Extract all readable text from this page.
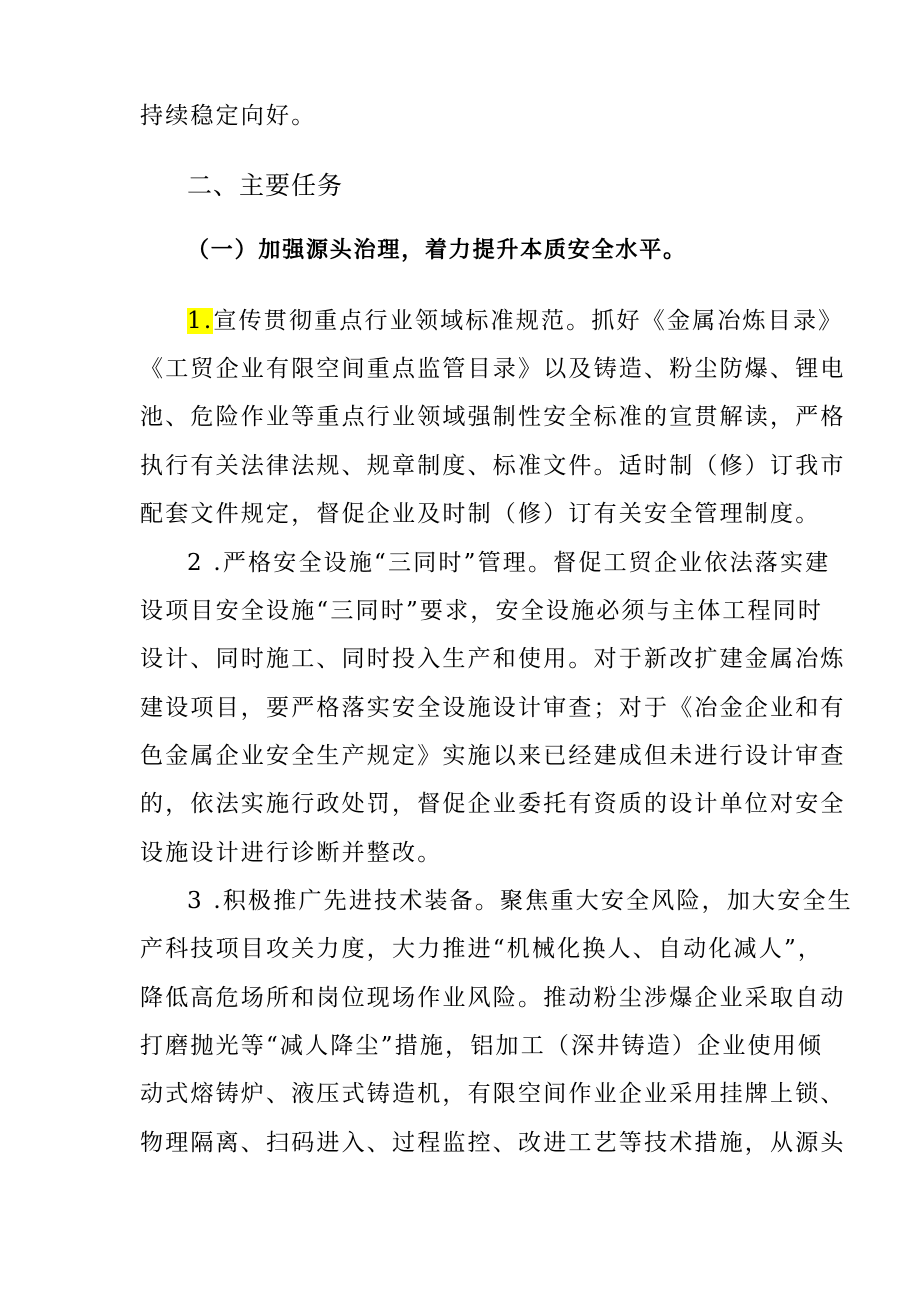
持续稳定向好。
二、主要任务
（一）加强源头治理，着力提升本质安全水平。
1.宣传贯彻重点行业领域标准规范。抓好《金属冶炼目录》
《工贸企业有限空间重点监管目录》以及铸造、粉尘防爆、锂电
池、危险作业等重点行业领域强制性安全标准的宣贯解读，严格
执行有关法律法规、规章制度、标准文件。适时制（修）订我市
配套文件规定，督促企业及时制（修）订有关安全管理制度。
2 .严格安全设施“三同时”管理。督促工贸企业依法落实建
设项目安全设施“三同时”要求，安全设施必须与主体工程同时
设计、同时施工、同时投入生产和使用。对于新改扩建金属冶炼
建设项目，要严格落实安全设施设计审查；对于《冶金企业和有
色金属企业安全生产规定》实施以来已经建成但未进行设计审查
的，依法实施行政处罚，督促企业委托有资质的设计单位对安全
设施设计进行诊断并整改。
3 .积极推广先进技术装备。聚焦重大安全风险，加大安全生
产科技项目攻关力度，大力推进“机械化换人、自动化减人”，
降低高危场所和岗位现场作业风险。推动粉尘涉爆企业采取自动
打磨抛光等“减人降尘”措施，铝加工（深井铸造）企业使用倾
动式熔铸炉、液压式铸造机，有限空间作业企业采用挂牌上锁、
物理隔离、扫码进入、过程监控、改进工艺等技术措施，从源头
